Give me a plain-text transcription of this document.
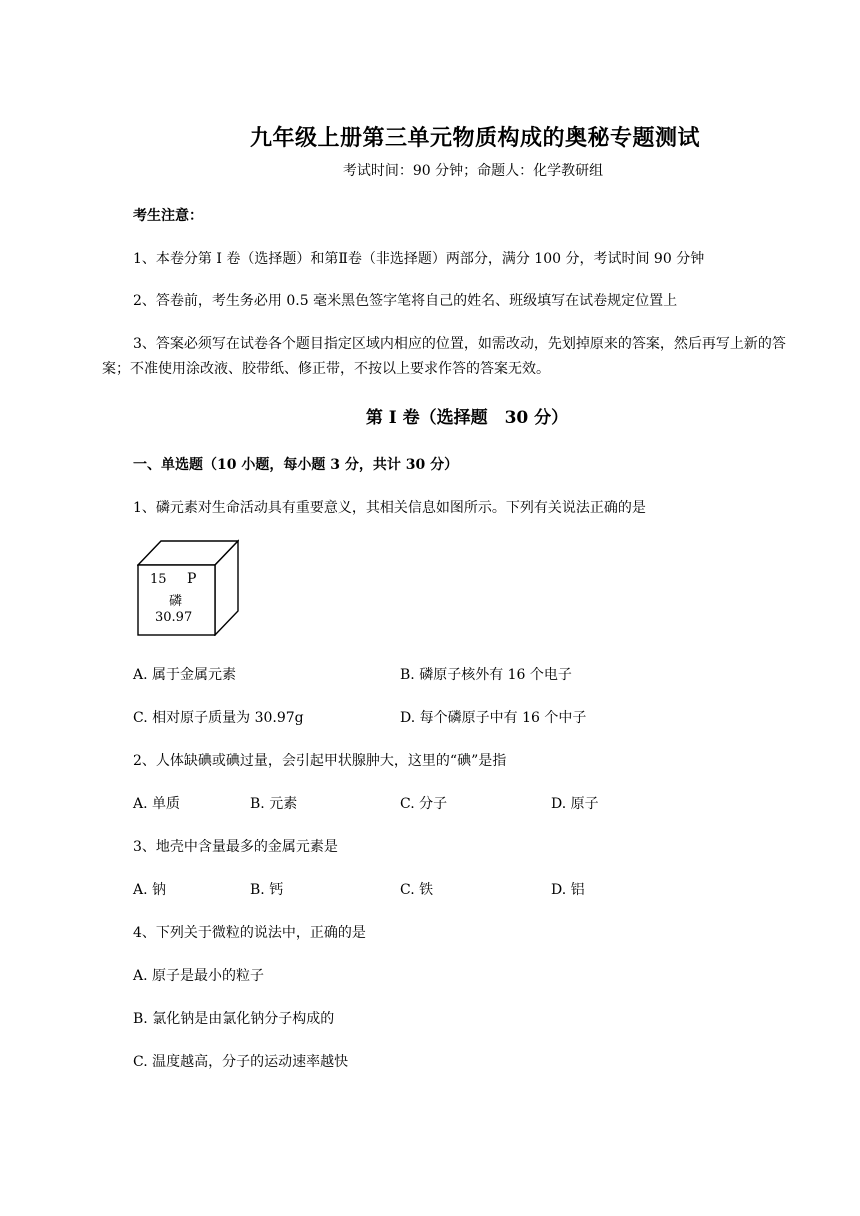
九年级上册第三单元物质构成的奥秘专题测试
考试时间：90 分钟；命题人：化学教研组
考生注意：
1、本卷分第 I 卷（选择题）和第Ⅱ卷（非选择题）两部分，满分 100 分，考试时间 90 分钟
2、答卷前，考生务必用 0.5 毫米黑色签字笔将自己的姓名、班级填写在试卷规定位置上
3、答案必须写在试卷各个题目指定区域内相应的位置，如需改动，先划掉原来的答案，然后再写上新的答案；不准使用涂改液、胶带纸、修正带，不按以上要求作答的答案无效。
第 I 卷（选择题　30 分）
一、单选题（10 小题，每小题 3 分，共计 30 分）
1、磷元素对生命活动具有重要意义，其相关信息如图所示。下列有关说法正确的是
15 P
磷
30.97
A. 属于金属元素	B. 磷原子核外有 16 个电子
C. 相对原子质量为 30.97g	D. 每个磷原子中有 16 个中子
2、人体缺碘或碘过量，会引起甲状腺肿大，这里的“碘”是指
A. 单质	B. 元素	C. 分子	D. 原子
3、地壳中含量最多的金属元素是
A. 钠	B. 钙	C. 铁	D. 铝
4、下列关于微粒的说法中，正确的是
A. 原子是最小的粒子
B. 氯化钠是由氯化钠分子构成的
C. 温度越高，分子的运动速率越快
